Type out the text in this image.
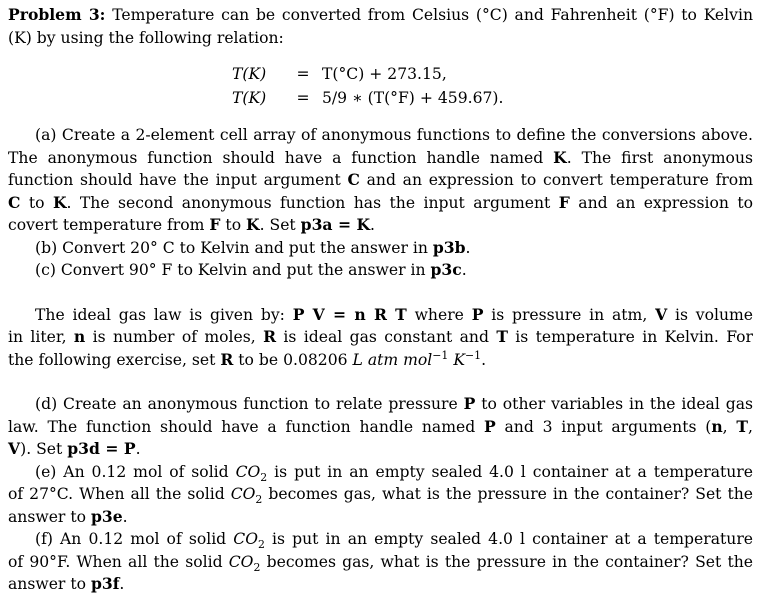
Problem 3: Temperature can be converted from Celsius (°C) and Fahrenheit (°F) to Kelvin
(K) by using the following relation:
T(K) = T(°C) + 273.15,
T(K) = 5/9 ∗ (T(°F) + 459.67).
(a) Create a 2-element cell array of anonymous functions to define the conversions above.
The anonymous function should have a function handle named K. The first anonymous
function should have the input argument C and an expression to convert temperature from
C to K. The second anonymous function has the input argument F and an expression to
covert temperature from F to K. Set p3a = K.
(b) Convert 20° C to Kelvin and put the answer in p3b.
(c) Convert 90° F to Kelvin and put the answer in p3c.
The ideal gas law is given by: P V = n R T where P is pressure in atm, V is volume
in liter, n is number of moles, R is ideal gas constant and T is temperature in Kelvin. For
the following exercise, set R to be 0.08206 L atm mol$^{-1}$ $K^{-1}$.
(d) Create an anonymous function to relate pressure P to other variables in the ideal gas
law. The function should have a function handle named P and 3 input arguments (n, T,
V). Set p3d = P.
(e) An 0.12 mol of solid $CO_2$ is put in an empty sealed 4.0 l container at a temperature
of 27°C. When all the solid $CO_2$ becomes gas, what is the pressure in the container? Set the
answer to p3e.
(f) An 0.12 mol of solid $CO_2$ is put in an empty sealed 4.0 l container at a temperature
of 90°F. When all the solid $CO_2$ becomes gas, what is the pressure in the container? Set the
answer to p3f.
